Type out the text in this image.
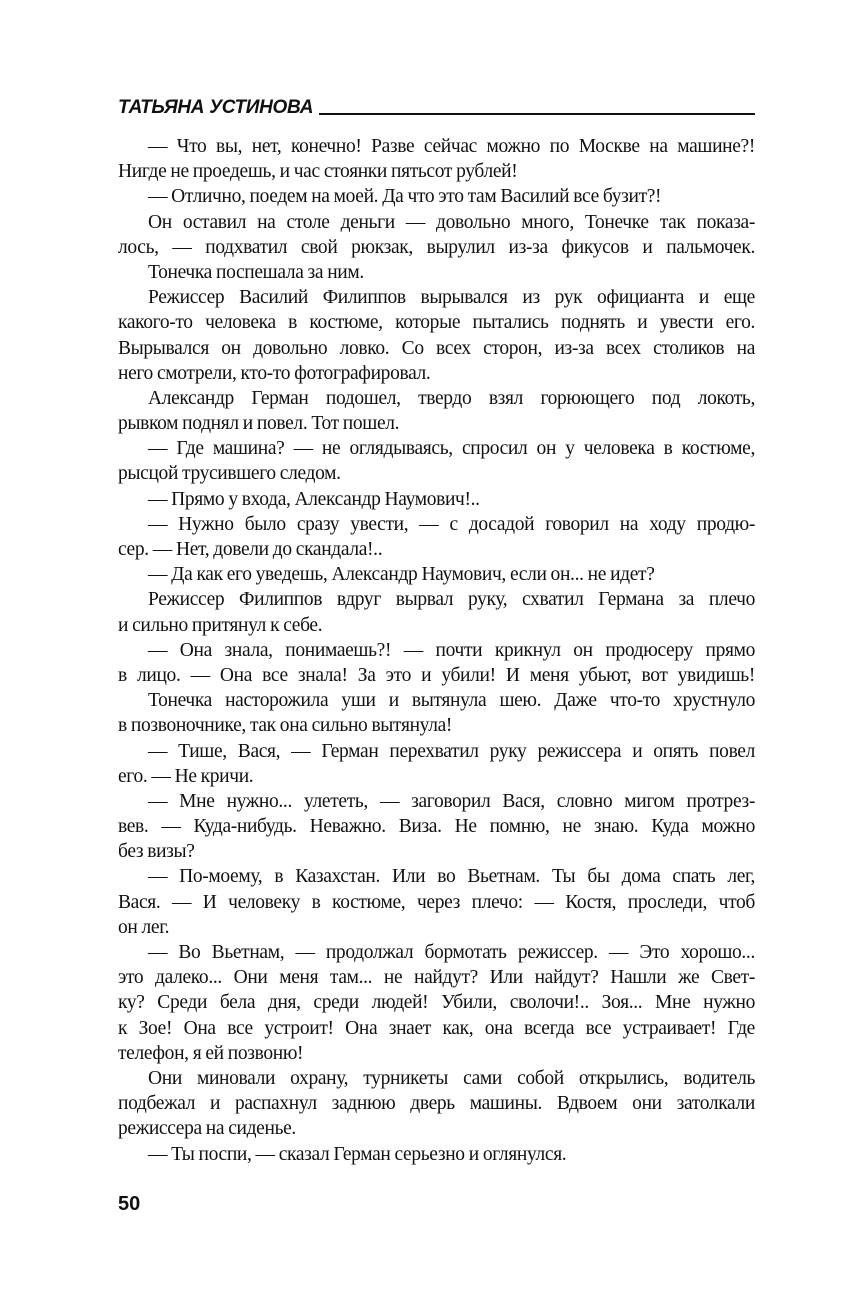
ТАТЬЯНА УСТИНОВА
— Что вы, нет, конечно! Разве сейчас можно по Москве на машине?!
Нигде не проедешь, и час стоянки пятьсот рублей!
— Отлично, поедем на моей. Да что это там Василий все бузит?!
Он оставил на столе деньги — довольно много, Тонечке так показа-
лось, — подхватил свой рюкзак, вырулил из-за фикусов и пальмочек.
Тонечка поспешала за ним.
Режиссер Василий Филиппов вырывался из рук официанта и еще
какого-то человека в костюме, которые пытались поднять и увести его.
Вырывался он довольно ловко. Со всех сторон, из-за всех столиков на
него смотрели, кто-то фотографировал.
Александр Герман подошел, твердо взял горюющего под локоть,
рывком поднял и повел. Тот пошел.
— Где машина? — не оглядываясь, спросил он у человека в костюме,
рысцой трусившего следом.
— Прямо у входа, Александр Наумович!..
— Нужно было сразу увести, — с досадой говорил на ходу продю-
сер. — Нет, довели до скандала!..
— Да как его уведешь, Александр Наумович, если он... не идет?
Режиссер Филиппов вдруг вырвал руку, схватил Германа за плечо
и сильно притянул к себе.
— Она знала, понимаешь?! — почти крикнул он продюсеру прямо
в лицо. — Она все знала! За это и убили! И меня убьют, вот увидишь!
Тонечка насторожила уши и вытянула шею. Даже что-то хрустнуло
в позвоночнике, так она сильно вытянула!
— Тише, Вася, — Герман перехватил руку режиссера и опять повел
его. — Не кричи.
— Мне нужно... улететь, — заговорил Вася, словно мигом протрез-
вев. — Куда-нибудь. Неважно. Виза. Не помню, не знаю. Куда можно
без визы?
— По-моему, в Казахстан. Или во Вьетнам. Ты бы дома спать лег,
Вася. — И человеку в костюме, через плечо: — Костя, проследи, чтоб
он лег.
— Во Вьетнам, — продолжал бормотать режиссер. — Это хорошо...
это далеко... Они меня там... не найдут? Или найдут? Нашли же Свет-
ку? Среди бела дня, среди людей! Убили, сволочи!.. Зоя... Мне нужно
к Зое! Она все устроит! Она знает как, она всегда все устраивает! Где
телефон, я ей позвоню!
Они миновали охрану, турникеты сами собой открылись, водитель
подбежал и распахнул заднюю дверь машины. Вдвоем они затолкали
режиссера на сиденье.
— Ты поспи, — сказал Герман серьезно и оглянулся.
50
